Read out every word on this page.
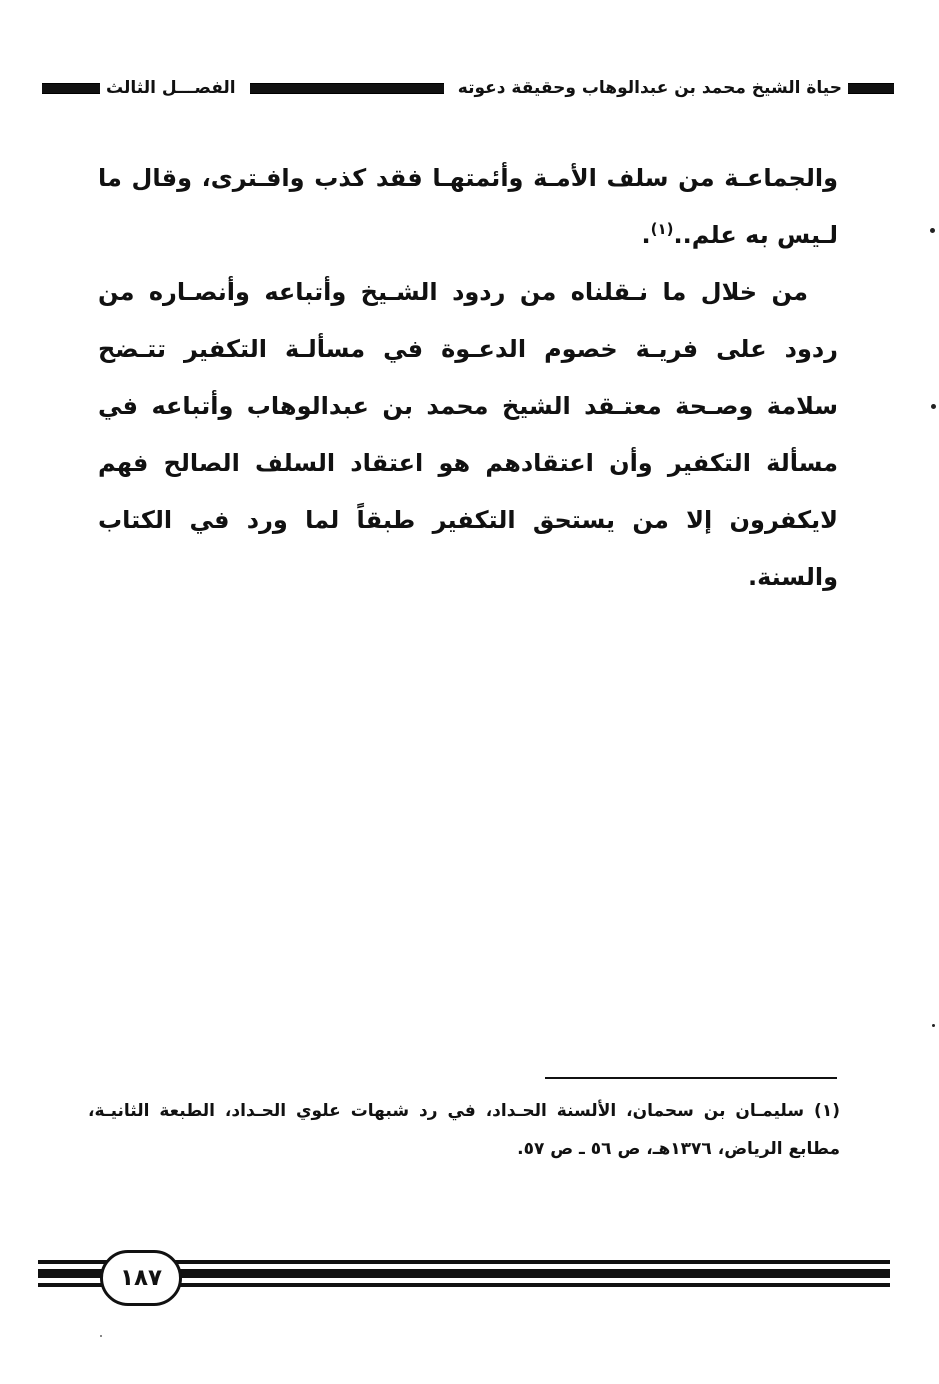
حياة الشيخ محمد بن عبدالوهاب وحقيقة دعوته
الفصـــل الثالث

والجماعـة من سلف الأمـة وأئمتهـا فقد كذب وافـترى، وقال ما لـيس به علم..$^{(١)}$.

من خلال ما نـقلناه من ردود الشـيخ وأتباعه وأنصـاره من ردود على فريـة خصوم الدعـوة في مسألـة التكفير تتـضح سلامة وصـحة معتـقد الشيخ محمد بن عبدالوهاب وأتباعه في مسألة التكفير وأن اعتقادهم هو اعتقاد السلف الصالح فهم لايكفرون إلا من يستحق التكفير طبقاً لما ورد في الكتاب والسنة.

(١) سليمـان بن سحمان، الألسنة الحـداد، في رد شبهات علوي الحـداد، الطبعة الثانيـة، مطابع الرياض، ١٣٧٦هـ، ص ٥٦ ـ ص ٥٧.
١٨٧
